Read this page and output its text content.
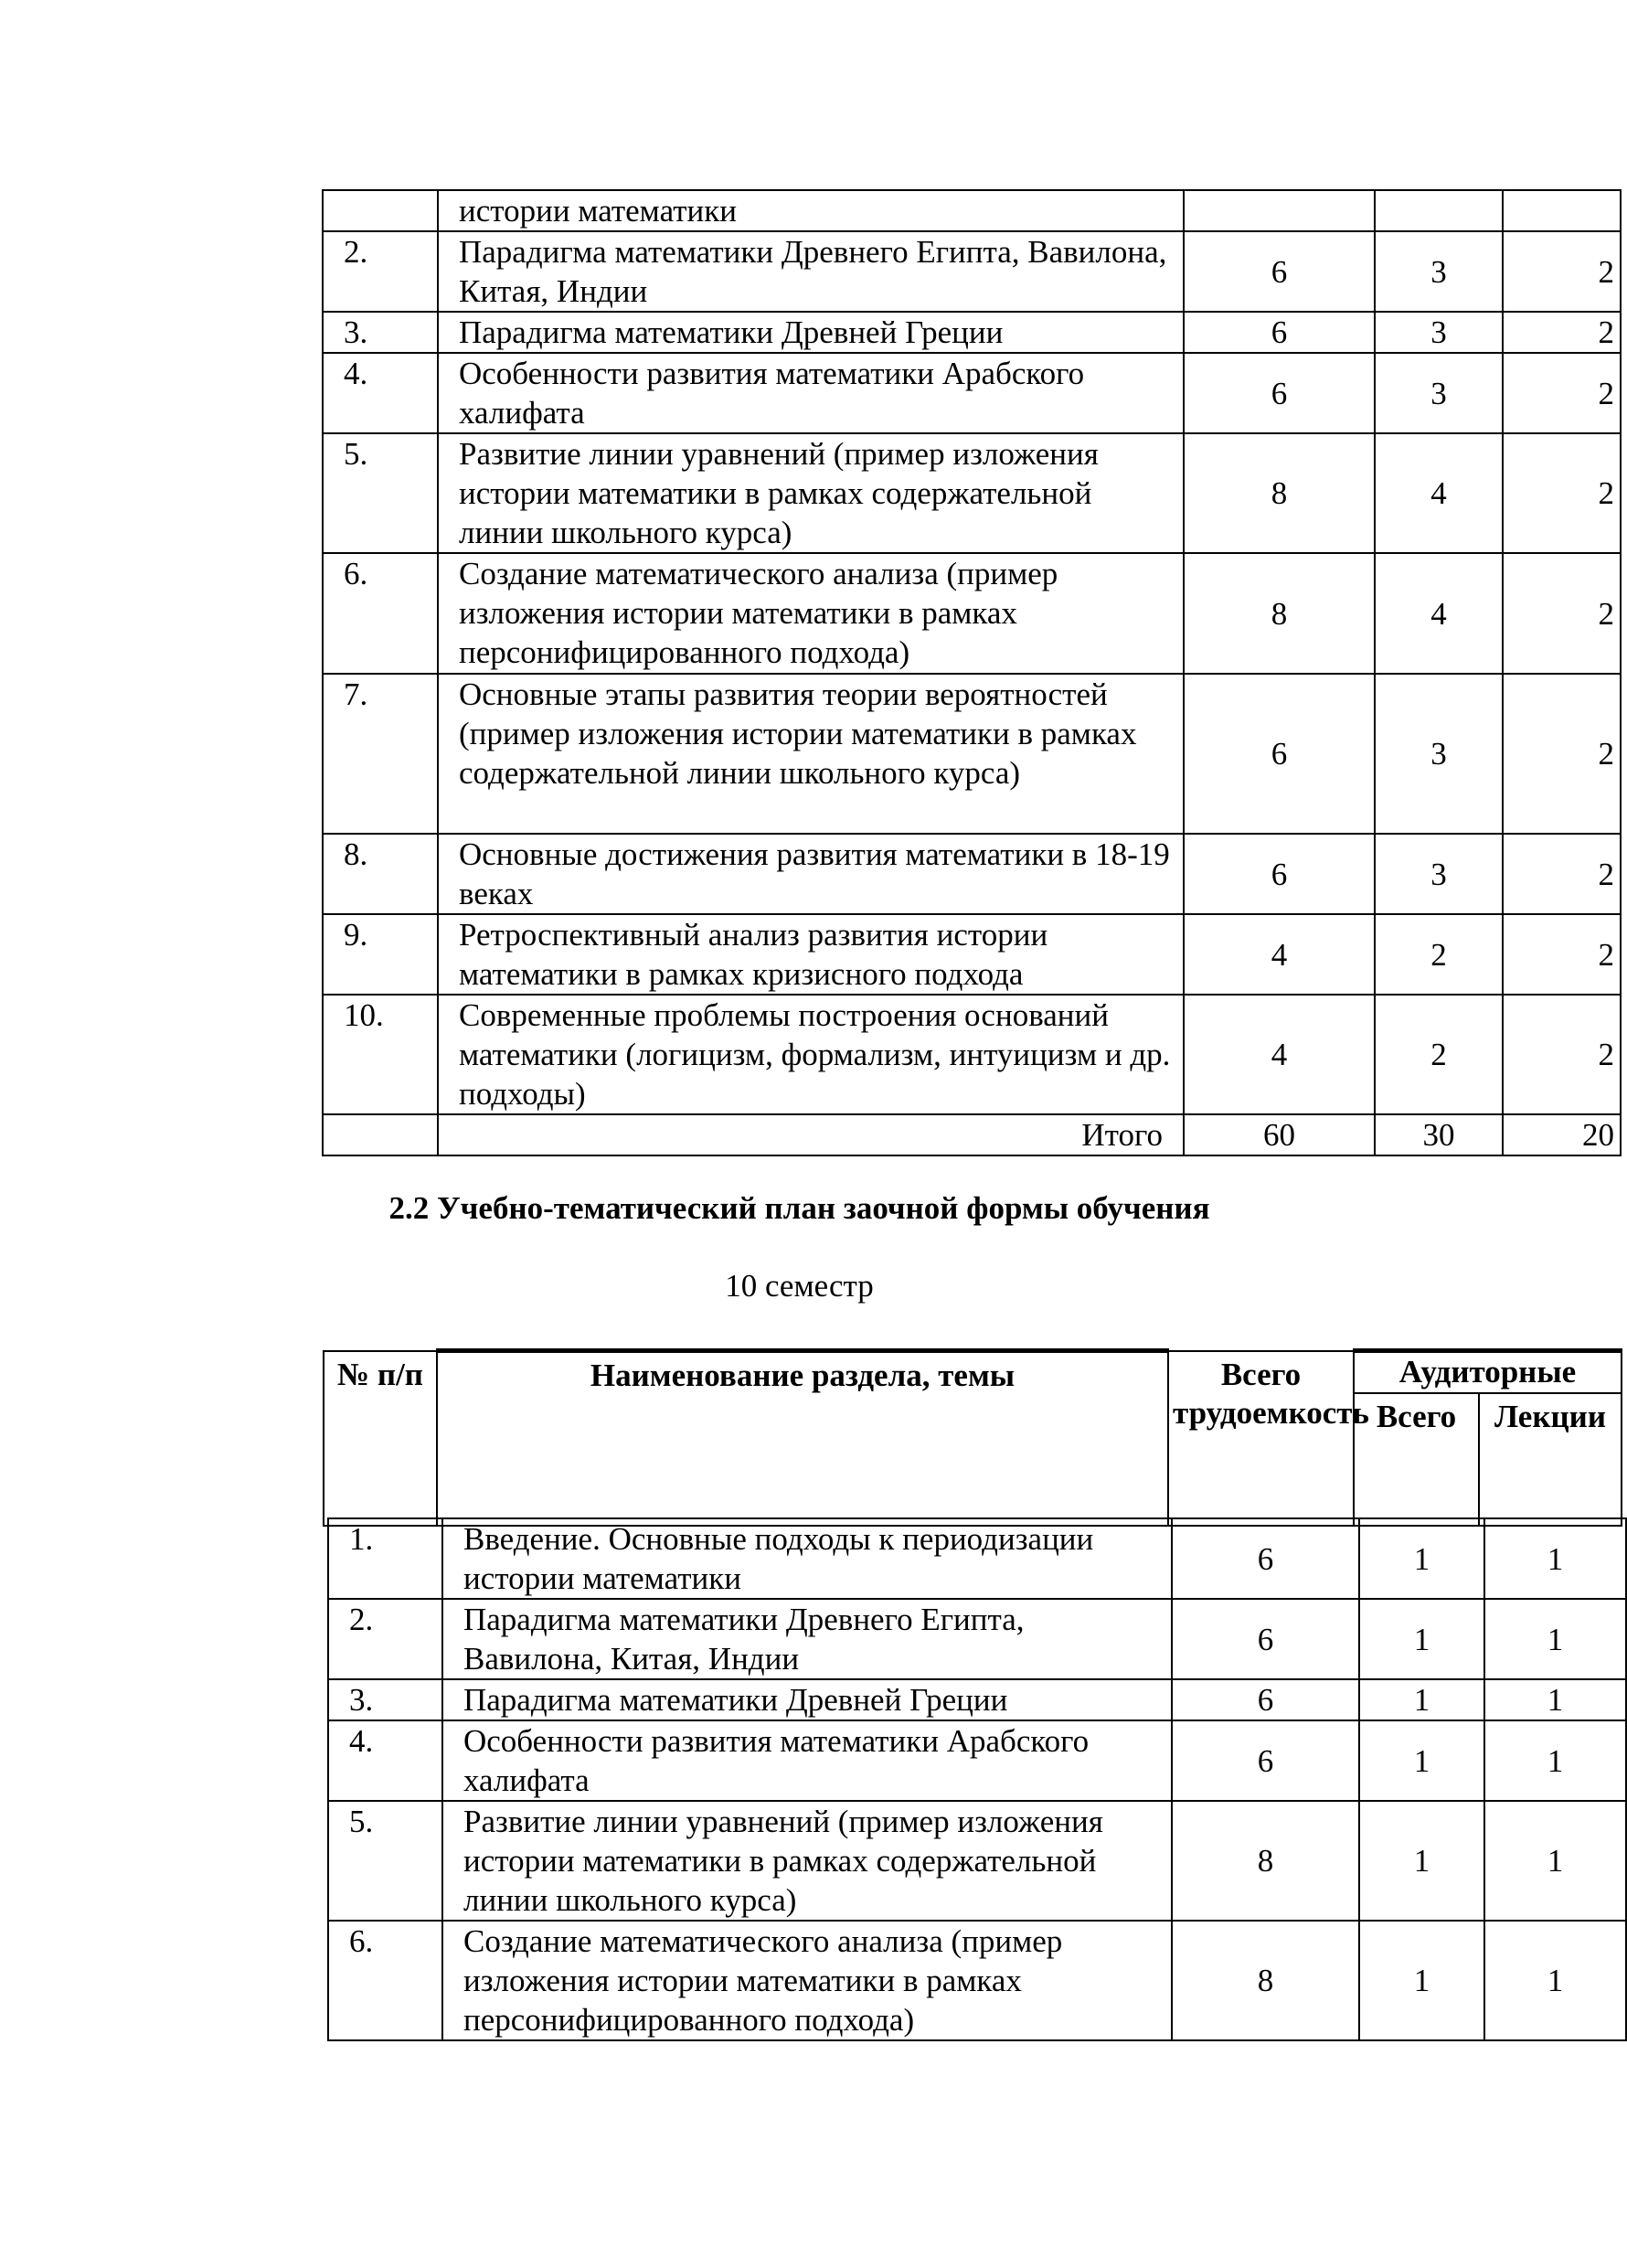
	истории математики			
2.	Парадигма математики Древнего Египта, Вавилона, Китая, Индии	6	3	2
3.	Парадигма математики Древней Греции	6	3	2
4.	Особенности развития математики Арабского халифата	6	3	2
5.	Развитие линии уравнений (пример изложения истории математики в рамках содержательной линии школьного курса)	8	4	2
6.	Создание математического анализа (пример изложения истории математики в рамках персонифицированного подхода)	8	4	2
7.	Основные этапы развития теории вероятностей (пример изложения истории математики в рамках содержательной линии школьного курса)	6	3	2
8.	Основные достижения развития математики в 18-19 веках	6	3	2
9.	Ретроспективный анализ развития истории математики в рамках кризисного подхода	4	2	2
10.	Современные проблемы построения оснований математики (логицизм, формализм, интуицизм и др. подходы)	4	2	2
	Итого	60	30	20
2.2 Учебно-тематический план заочной формы обучения
10 семестр
№ п/п	Наименование раздела, темы	Всего трудоемкость	Аудиторные	
			Всего	Лекции
1.	Введение. Основные подходы к периодизации истории математики	6	1	1
2.	Парадигма математики Древнего Египта, Вавилона, Китая, Индии	6	1	1
3.	Парадигма математики Древней Греции	6	1	1
4.	Особенности развития математики Арабского халифата	6	1	1
5.	Развитие линии уравнений (пример изложения истории математики в рамках содержательной линии школьного курса)	8	1	1
6.	Создание математического анализа (пример изложения истории математики в рамках персонифицированного подхода)	8	1	1
